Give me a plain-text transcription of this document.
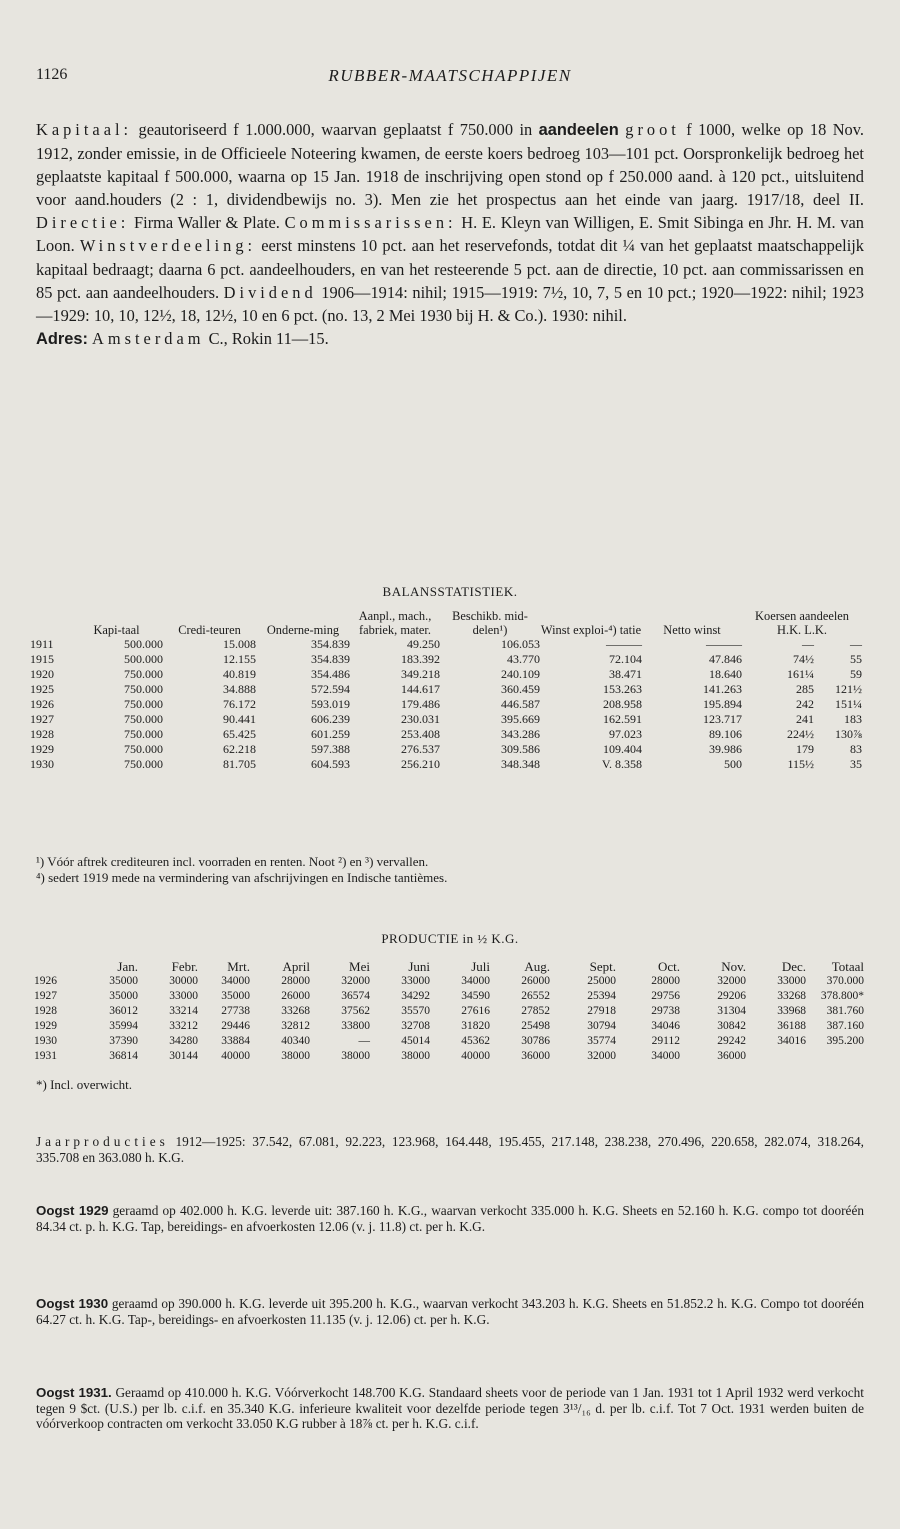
1126	RUBBER-MAATSCHAPPIJEN

Kapitaal: geautoriseerd f 1.000.000, waarvan geplaatst f 750.000 in aandeelen groot f 1000, welke op 18 Nov. 1912, zonder emissie, in de Officieele Noteering kwamen, de eerste koers bedroeg 103—101 pct. Oorspronkelijk bedroeg het geplaatste kapitaal f 500.000, waarna op 15 Jan. 1918 de inschrijving open stond op f 250.000 aand. à 120 pct., uitsluitend voor aand.houders (2 : 1, dividendbewijs no. 3). Men zie het prospectus aan het einde van jaarg. 1917/18, deel II. Directie: Firma Waller & Plate. Commissarissen: H. E. Kleyn van Willigen, E. Smit Sibinga en Jhr. H. M. van Loon. Winstverdeeling: eerst minstens 10 pct. aan het reservefonds, totdat dit ¼ van het geplaatst maatschappelijk kapitaal bedraagt; daarna 6 pct. aandeelhouders, en van het resteerende 5 pct. aan de directie, 10 pct. aan commissarissen en 85 pct. aan aandeelhouders. Dividend 1906—1914: nihil; 1915—1919: 7½, 10, 7, 5 en 10 pct.; 1920—1922: nihil; 1923—1929: 10, 10, 12½, 18, 12½, 10 en 6 pct. (no. 13, 2 Mei 1930 bij H. & Co.). 1930: nihil.

Adres: Amsterdam C., Rokin 11—15.

BALANSSTATISTIEK.
	Kapi-taal	Credi-teuren	Onderne-ming	Aanpl., mach., fabriek, mater.	Beschikb. mid-delen¹)	Winst exploi-⁴) tatie	Netto winst	Koersen aandeelen
H.K. L.K.	
1911	500.000	15.008	354.839	49.250	106.053	———	———	—	—
1915	500.000	12.155	354.839	183.392	43.770	72.104	47.846	74½	55
1920	750.000	40.819	354.486	349.218	240.109	38.471	18.640	161¼	59
1925	750.000	34.888	572.594	144.617	360.459	153.263	141.263	285	121½
1926	750.000	76.172	593.019	179.486	446.587	208.958	195.894	242	151¼
1927	750.000	90.441	606.239	230.031	395.669	162.591	123.717	241	183
1928	750.000	65.425	601.259	253.408	343.286	97.023	89.106	224½	130⅞
1929	750.000	62.218	597.388	276.537	309.586	109.404	39.986	179	83
1930	750.000	81.705	604.593	256.210	348.348	V. 8.358	500	115½	35

¹) Vóór aftrek crediteuren incl. voorraden en renten. Noot ²) en ³) vervallen.

⁴) sedert 1919 mede na vermindering van afschrijvingen en Indische tantièmes.

PRODUCTIE in ½ K.G.
	Jan.	Febr.	Mrt.	April	Mei	Juni	Juli	Aug.	Sept.	Oct.	Nov.	Dec.	Totaal
1926	35000	30000	34000	28000	32000	33000	34000	26000	25000	28000	32000	33000	370.000
1927	35000	33000	35000	26000	36574	34292	34590	26552	25394	29756	29206	33268	378.800*
1928	36012	33214	27738	33268	37562	35570	27616	27852	27918	29738	31304	33968	381.760
1929	35994	33212	29446	32812	33800	32708	31820	25498	30794	34046	30842	36188	387.160
1930	37390	34280	33884	40340	—	45014	45362	30786	35774	29112	29242	34016	395.200
1931	36814	30144	40000	38000	38000	38000	40000	36000	32000	34000	36000		
*) Incl. overwicht.

Jaarproducties 1912—1925: 37.542, 67.081, 92.223, 123.968, 164.448, 195.455, 217.148, 238.238, 270.496, 220.658, 282.074, 318.264, 335.708 en 363.080 h. K.G.

Oogst 1929 geraamd op 402.000 h. K.G. leverde uit: 387.160 h. K.G., waarvan verkocht 335.000 h. K.G. Sheets en 52.160 h. K.G. compo tot dooréén 84.34 ct. p. h. K.G. Tap, bereidings- en afvoerkosten 12.06 (v. j. 11.8) ct. per h. K.G.

Oogst 1930 geraamd op 390.000 h. K.G. leverde uit 395.200 h. K.G., waarvan verkocht 343.203 h. K.G. Sheets en 51.852.2 h. K.G. Compo tot dooréén 64.27 ct. h. K.G. Tap-, bereidings- en afvoerkosten 11.135 (v. j. 12.06) ct. per h. K.G.

Oogst 1931. Geraamd op 410.000 h. K.G. Vóórverkocht 148.700 K.G. Standaard sheets voor de periode van 1 Jan. 1931 tot 1 April 1932 werd verkocht tegen 9 $ct. (U.S.) per lb. c.i.f. en 35.340 K.G. inferieure kwaliteit voor dezelfde periode tegen 3¹³/₁₆ d. per lb. c.i.f. Tot 7 Oct. 1931 werden buiten de vóórverkoop contracten om verkocht 33.050 K.G rubber à 18⅞ ct. per h. K.G. c.i.f.
